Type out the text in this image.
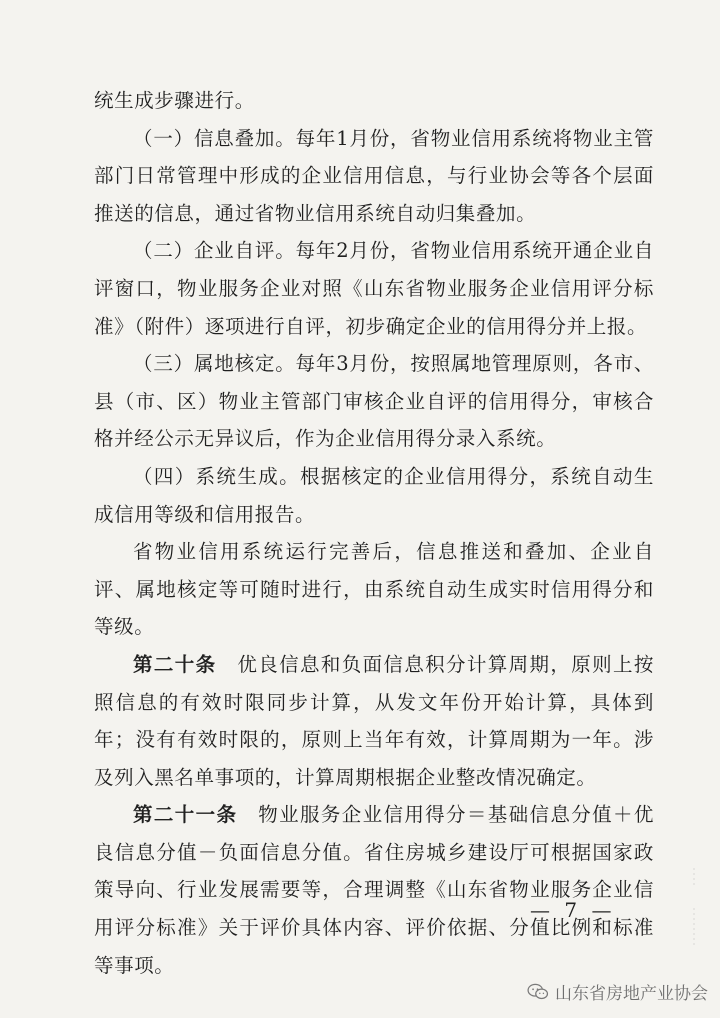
统生成步骤进行。

（一）信息叠加。每年1月份，省物业信用系统将物业主管部门日常管理中形成的企业信用信息，与行业协会等各个层面推送的信息，通过省物业信用系统自动归集叠加。

（二）企业自评。每年2月份，省物业信用系统开通企业自评窗口，物业服务企业对照《山东省物业服务企业信用评分标准》（附件）逐项进行自评，初步确定企业的信用得分并上报。

（三）属地核定。每年3月份，按照属地管理原则，各市、县（市、区）物业主管部门审核企业自评的信用得分，审核合格并经公示无异议后，作为企业信用得分录入系统。

（四）系统生成。根据核定的企业信用得分，系统自动生成信用等级和信用报告。

省物业信用系统运行完善后，信息推送和叠加、企业自评、属地核定等可随时进行，由系统自动生成实时信用得分和等级。

第二十条　优良信息和负面信息积分计算周期，原则上按照信息的有效时限同步计算，从发文年份开始计算，具体到年；没有有效时限的，原则上当年有效，计算周期为一年。涉及列入黑名单事项的，计算周期根据企业整改情况确定。

第二十一条　物业服务企业信用得分＝基础信息分值＋优良信息分值－负面信息分值。省住房城乡建设厅可根据国家政策导向、行业发展需要等，合理调整《山东省物业服务企业信用评分标准》关于评价具体内容、评价依据、分值比例和标准等事项。

— 7 —
山东省房地产业协会
